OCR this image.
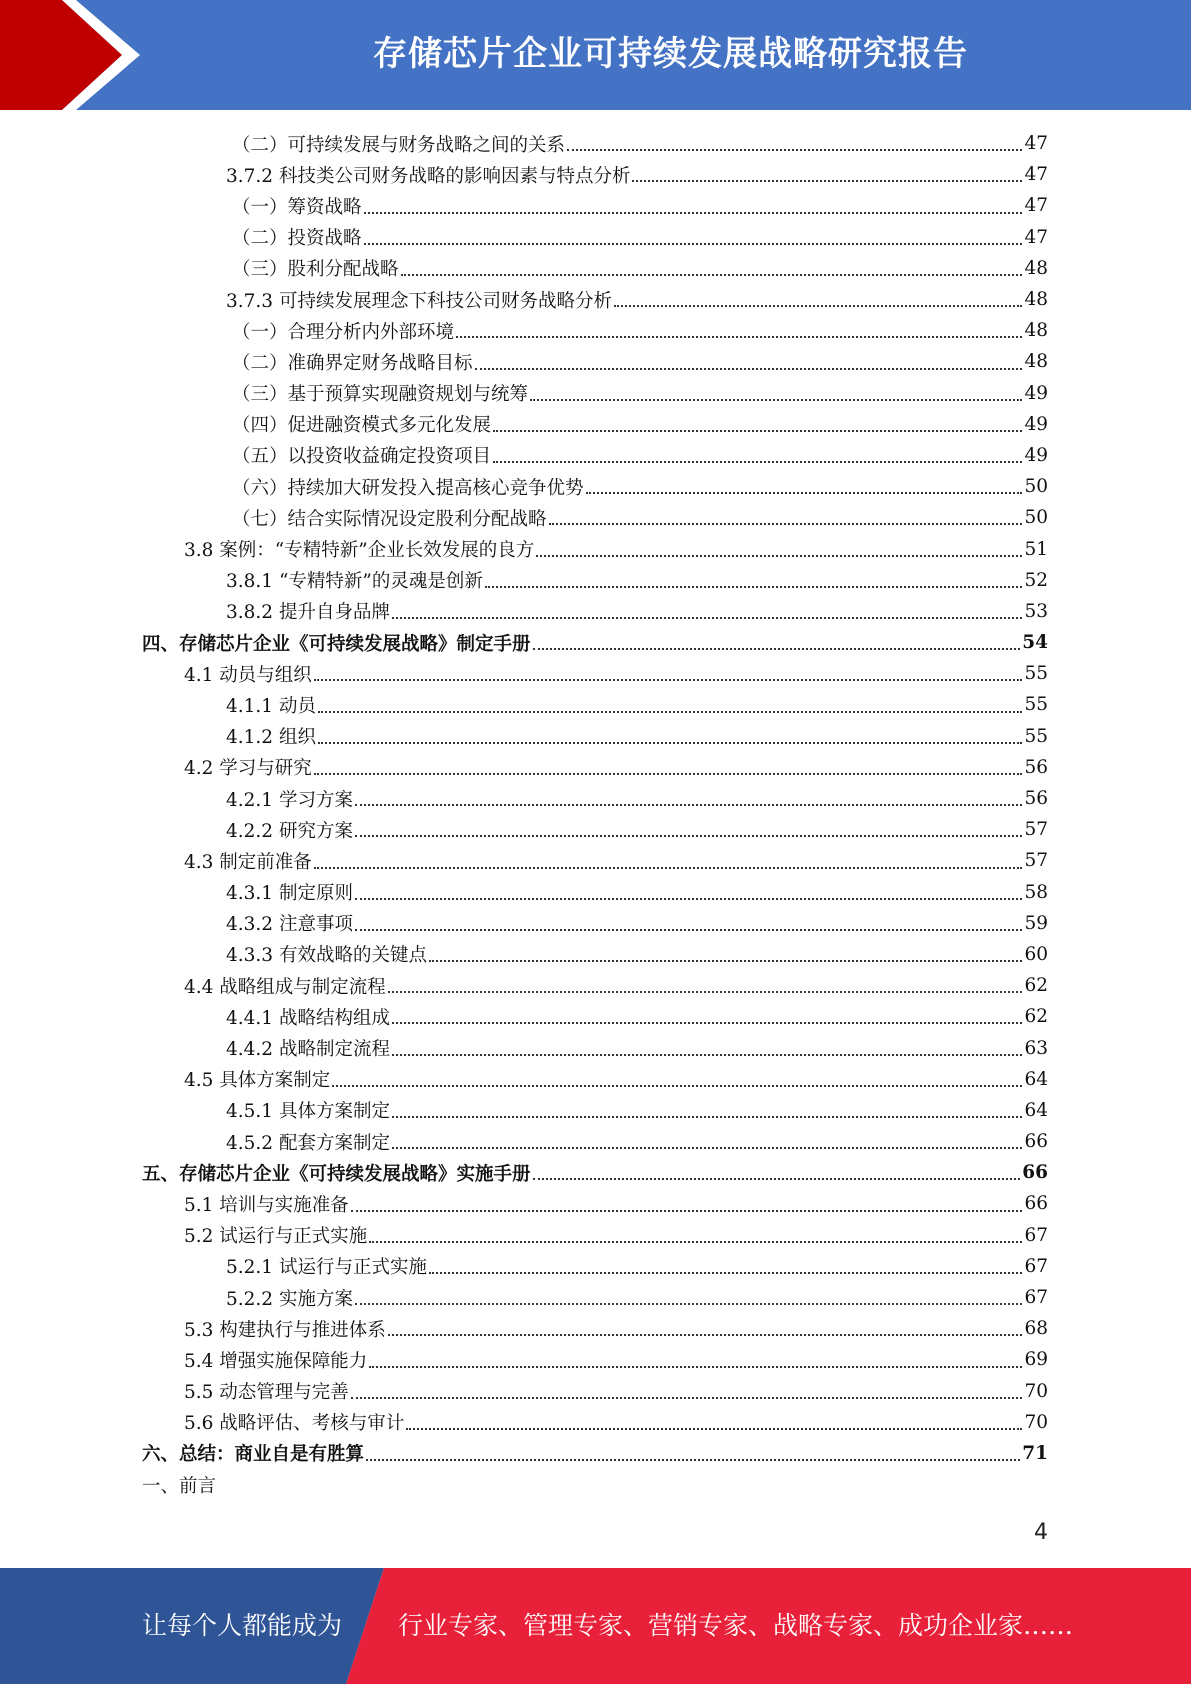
存储芯片企业可持续发展战略研究报告
（二）可持续发展与财务战略之间的关系	47
3.7.2 科技类公司财务战略的影响因素与特点分析	47
（一）筹资战略	47
（二）投资战略	47
（三）股利分配战略	48
3.7.3 可持续发展理念下科技公司财务战略分析	48
（一）合理分析内外部环境	48
（二）准确界定财务战略目标	48
（三）基于预算实现融资规划与统筹	49
（四）促进融资模式多元化发展	49
（五）以投资收益确定投资项目	49
（六）持续加大研发投入提高核心竞争优势	50
（七）结合实际情况设定股利分配战略	50
3.8 案例：“专精特新”企业长效发展的良方	51
3.8.1 “专精特新”的灵魂是创新	52
3.8.2 提升自身品牌	53
四、存储芯片企业《可持续发展战略》制定手册	54
4.1 动员与组织	55
4.1.1 动员	55
4.1.2 组织	55
4.2 学习与研究	56
4.2.1 学习方案	56
4.2.2 研究方案	57
4.3 制定前准备	57
4.3.1 制定原则	58
4.3.2 注意事项	59
4.3.3 有效战略的关键点	60
4.4 战略组成与制定流程	62
4.4.1 战略结构组成	62
4.4.2 战略制定流程	63
4.5 具体方案制定	64
4.5.1 具体方案制定	64
4.5.2 配套方案制定	66
五、存储芯片企业《可持续发展战略》实施手册	66
5.1 培训与实施准备	66
5.2 试运行与正式实施	67
5.2.1 试运行与正式实施	67
5.2.2 实施方案	67
5.3 构建执行与推进体系	68
5.4 增强实施保障能力	69
5.5 动态管理与完善	70
5.6 战略评估、考核与审计	70
六、总结：商业自是有胜算	71
一、前言
4
让每个人都能成为 行业专家、管理专家、营销专家、战略专家、成功企业家……
